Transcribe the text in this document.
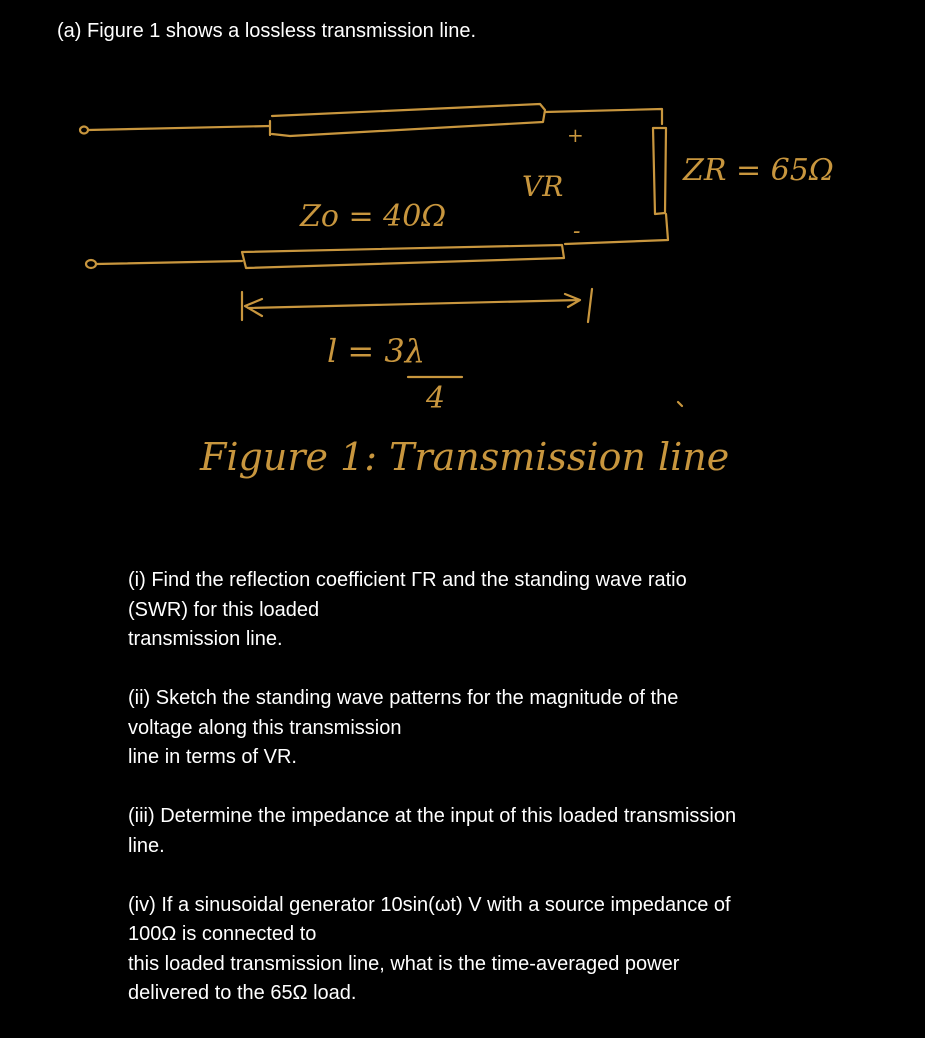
(a) Figure 1 shows a lossless transmission line.
+
Zo = 40Ω
VR
-
ZR = 65Ω
l = 3λ
4
Figure 1: Transmission line

(i) Find the reflection coefficient ΓR and the standing wave ratio
(SWR) for this loaded
transmission line.

(ii) Sketch the standing wave patterns for the magnitude of the
voltage along this transmission
line in terms of VR.

(iii) Determine the impedance at the input of this loaded transmission
line.

(iv) If a sinusoidal generator 10sin(ωt) V with a source impedance of
100Ω is connected to
this loaded transmission line, what is the time-averaged power
delivered to the 65Ω load.
